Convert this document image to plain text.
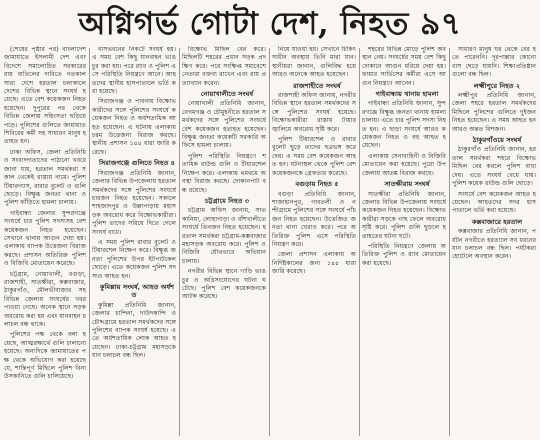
অগ্নিগর্ভ গোটা দেশ, নিহত ৯৭
(শেষের পৃষ্ঠার পর) বাংলাদেশ জামায়াতে ইসলামী দেশ এবং বিদেশে সমালোচিত সরকারের রায় বাতিলের দাবিতে গতকাল সারা দেশে হরতাল চলাকালে দেশের বিভিন্ন স্থানে সংঘর্ষ হয়েছে। এতে বেশ কয়েকজন নিহত হয়েছেন। দুপুরের পর থেকে বিভিন্ন জেলায় সহিংসতা ছড়িয়ে পড়ে। পুলিশের গুলিতে জামায়াত শিবিরের কর্মী সহ সাধারণ মানুষ হতাহত হন।
ঢাকা অফিস, জেলা প্রতিনিধি ও সংবাদদাতাদের পাঠানো খবরে জানা যায়, হরতাল সমর্থকরা সকাল থেকেই রাস্তায় নামে। পুলিশ টিয়ারগ্যাস, রাবার বুলেট ও গুলি ছোড়ে। বিক্ষুব্ধ জনতা থানা ও পুলিশ ফাঁড়িতে হামলা চালায়।
গাইবান্ধা জেলার সুন্দরগঞ্জে সংঘর্ষে চার পুলিশ সদস্যসহ বেশ কয়েকজন নিহত হয়েছেন। সেখানে থানায় আগুন দেয়া হয়। এলাকায় ব্যাপক উত্তেজনা বিরাজ করছে। প্রশাসন অতিরিক্ত পুলিশ ও বিজিবি মোতায়েন করেছে।
চট্টগ্রাম, নোয়াখালী, বগুড়া, রাজশাহী, সাতক্ষীরা, কক্সবাজার, ঠাকুরগাঁও, মৌলভীবাজার সহ বিভিন্ন জেলায় সংঘর্ষের খবর পাওয়া গেছে। অনেক স্থানে সড়ক অবরোধ করা হয় এবং যানবাহন চলাচল বন্ধ থাকে।
পুলিশের পক্ষ থেকে বলা হয়েছে, আত্মরক্ষার্থে গুলি চালানো হয়েছে। অন্যদিকে জামায়াতের পক্ষ থেকে অভিযোগ করা হয়েছে যে, শান্তিপূর্ণ মিছিলে পুলিশ বিনা উসকানিতে গুলি চালিয়েছে।
বাসভবনের নিকটে সংঘর্ষ হয়। এ সময় বেশ কিছু যানবাহন ভাঙচুর করা হয়। পরে র‍্যাব ও পুলিশ এসে পরিস্থিতি নিয়ন্ত্রণে আনে। আহতদের স্থানীয় হাসপাতালে ভর্তি করা হয়েছে।
সিরাজগঞ্জ ও পাবনায় বিক্ষোভকারীদের সঙ্গে পুলিশের সংঘর্ষে কয়েকজন নিহত ও অর্ধশতাধিক আহত হয়েছেন। এ ঘটনায় এলাকায় চরম উত্তেজনা বিরাজ করছে। স্থানীয় প্রশাসন ১৪৪ ধারা জারি করেছে।
সিরাজগঞ্জে গুলিতে নিহত ৪
সিরাজগঞ্জ প্রতিনিধি জানান, জেলার বিভিন্ন উপজেলায় হরতাল সমর্থকদের সঙ্গে পুলিশের সংঘর্ষে চারজন নিহত হয়েছেন। সকালে শাহজাদপুর ও উল্লাপাড়ায় মহাসড়ক অবরোধ করে বিক্ষোভকারীরা। পুলিশ তাদের সরিয়ে দিতে গেলে সংঘর্ষ বাধে।
এ সময় পুলিশ রাবার বুলেট ও টিয়ারশেল নিক্ষেপ করে। বিক্ষুব্ধ জনতা পুলিশের উপর ইটপাটকেল ছোড়ে। এতে কয়েকজন পুলিশ সদস্যও আহত হন।
কুমিল্লায় সংঘর্ষ, আহত অর্ধশত
কুমিল্লা প্রতিনিধি জানান, জেলার চান্দিনা, দাউদকান্দি ও চৌদ্দগ্রামে হরতাল সমর্থকদের সঙ্গে পুলিশের ব্যাপক সংঘর্ষ হয়েছে। এতে অর্ধশতাধিক লোক আহত হয়েছেন। ঢাকা-চট্টগ্রাম মহাসড়কে যান চলাচল বন্ধ ছিল।
বিক্ষোভ মিছিল বের করে। মিছিলটি শহরের প্রধান সড়ক প্রদক্ষিণ করে। পরে সংক্ষিপ্ত সমাবেশে নেতারা বক্তব্য রাখেন এবং রায় প্রত্যাখ্যান করেন।
নোয়াখালীতে সংঘর্ষ
নোয়াখালী প্রতিনিধি জানান, বেগমগঞ্জ ও চৌমুহনীতে হরতাল সমর্থকদের সঙ্গে পুলিশের সংঘর্ষে বেশ কয়েকজন হতাহত হয়েছেন। বিক্ষুব্ধ জনতা কয়েকটি সরকারি অফিসে হামলা চালায়।
পুলিশ পরিস্থিতি নিয়ন্ত্রণে শতাধিক রাউন্ড গুলি ও টিয়ারশেল নিক্ষেপ করে। এলাকায় থমথমে অবস্থা বিরাজ করছে। দোকানপাট বন্ধ রয়েছে।
চট্টগ্রামে নিহত ৩
চট্টগ্রাম অফিস জানায়, সাতকানিয়া, লোহাগাড়া ও বাঁশখালীতে সংঘর্ষে তিনজন নিহত হয়েছেন। হরতাল সমর্থকরা চট্টগ্রাম-কক্সবাজার মহাসড়ক অবরোধ করে। পুলিশ ও বিজিবি যৌথভাবে অভিযান চালায়।
নগরীর বিভিন্ন স্থানে গাড়ি ভাঙচুর ও অগ্নিসংযোগের ঘটনা ঘটেছে। পুলিশ বেশ কয়েকজনকে আটক করেছে।
নিয়ে যাওয়া হয়। সেখানে চিকিৎসাধীন অবস্থায় তিনি মারা যান। স্থানীয়রা জানান, গুলিবিদ্ধ হয়ে আরও অনেকে আহত হয়েছেন।
রাজশাহীতে সংঘর্ষ
রাজশাহী অফিস জানায়, নগরীর বিভিন্ন স্থানে হরতাল সমর্থকদের সঙ্গে পুলিশের সংঘর্ষ হয়েছে। বিক্ষোভকারীরা রাস্তায় টায়ার জ্বালিয়ে অবরোধ সৃষ্টি করে।
পুলিশ টিয়ারশেল ও রাবার বুলেট ছুড়ে তাদের ছত্রভঙ্গ করে দেয়। এ সময় বেশ কয়েকজন আহত হন। ঘটনাস্থল থেকে পুলিশ বেশ কয়েকজনকে গ্রেফতার করেছে।
বগুড়ায় নিহত ৫
বগুড়া প্রতিনিধি জানান, শাজাহানপুর, গাবতলী ও নন্দীগ্রামে পুলিশের সঙ্গে সংঘর্ষে পাঁচজন নিহত হয়েছেন। উত্তেজিত জনতা থানা ঘেরাও করে। পরে অতিরিক্ত পুলিশ এসে পরিস্থিতি নিয়ন্ত্রণ করে।
জেলা প্রশাসন এলাকায় অনির্দিষ্টকালের জন্য ১৪৪ ধারা জারি করেছে।
শহরের বিভিন্ন মোড়ে পুলিশ অবস্থান নেয়। সংঘর্ষের সময় বেশ কিছু দোকানে আগুন ধরিয়ে দেয়া হয়। ফায়ার সার্ভিসের কর্মীরা এসে আগুন নিয়ন্ত্রণে আনেন।
গাইবান্ধায় থানায় হামলা
গাইবান্ধা প্রতিনিধি জানান, সুন্দরগঞ্জে বিক্ষুব্ধ জনতা থানায় হামলা চালায়। এতে চার পুলিশ সদস্য নিহত হন। এ ছাড়া সংঘর্ষে আরও কয়েকজন নিহত ও বহু আহত হয়েছেন।
এলাকায় সেনাবাহিনী ও বিজিবি মোতায়েন করা হয়েছে। পুরো উপজেলায় আতঙ্ক বিরাজ করছে।
সাতক্ষীরায় সংঘর্ষ
সাতক্ষীরা প্রতিনিধি জানান, জেলার বিভিন্ন উপজেলায় সংঘর্ষে কয়েকজন নিহত হয়েছেন। বিক্ষোভকারীরা সড়কে গাছ ফেলে অবরোধ সৃষ্টি করে। পুলিশ গুলি ছুড়লে হতাহতের ঘটনা ঘটে।
পরিস্থিতি নিয়ন্ত্রণে জেলায় অতিরিক্ত পুলিশ ও র‍্যাব মোতায়েন করা হয়েছে।
সাধারণ মানুষ ঘর থেকে বের হতে পারেননি। দূরপাল্লার কোনো বাস ছেড়ে যায়নি। শিক্ষাপ্রতিষ্ঠানগুলো বন্ধ ছিল।
লক্ষ্মীপুরে নিহত ২
লক্ষ্মীপুর প্রতিনিধি জানান, জেলা শহরে হরতাল সমর্থকদের মিছিলে পুলিশের গুলিতে দুইজন নিহত হয়েছেন। এ সময় আহত হন আরও অন্তত বিশজন।
ঠাকুরগাঁওয়ে সংঘর্ষ
ঠাকুরগাঁও প্রতিনিধি জানান, হরতাল সমর্থকরা শহরে বিক্ষোভ মিছিল বের করলে পুলিশ বাধা দেয়। এতে সংঘর্ষ বেধে যায়। পুলিশ কয়েক রাউন্ড গুলি ছোড়ে।
সংঘর্ষে বেশ কয়েকজন আহত হয়েছেন। আহতদের সদর হাসপাতালে ভর্তি করা হয়েছে।
কক্সবাজারে হরতাল
কক্সবাজার প্রতিনিধি জানান, পর্যটন নগরীতে হরতালে সব ধরনের যান চলাচল বন্ধ ছিল। পর্যটকরা হোটেলে অবস্থান করেন।
